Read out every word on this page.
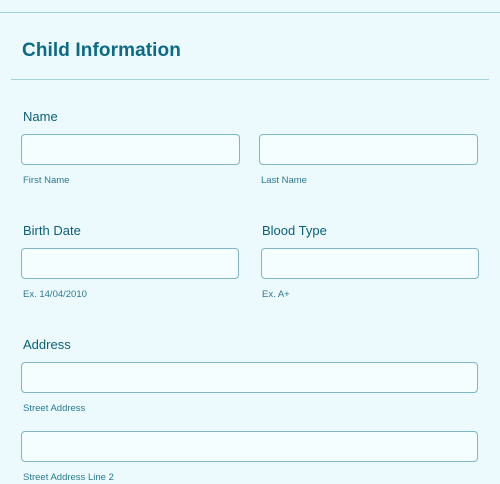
Child Information
Name
First Name	Last Name
Birth Date
Ex. 14/04/2010
Blood Type
Ex. A+
Address
Street Address
Street Address Line 2
